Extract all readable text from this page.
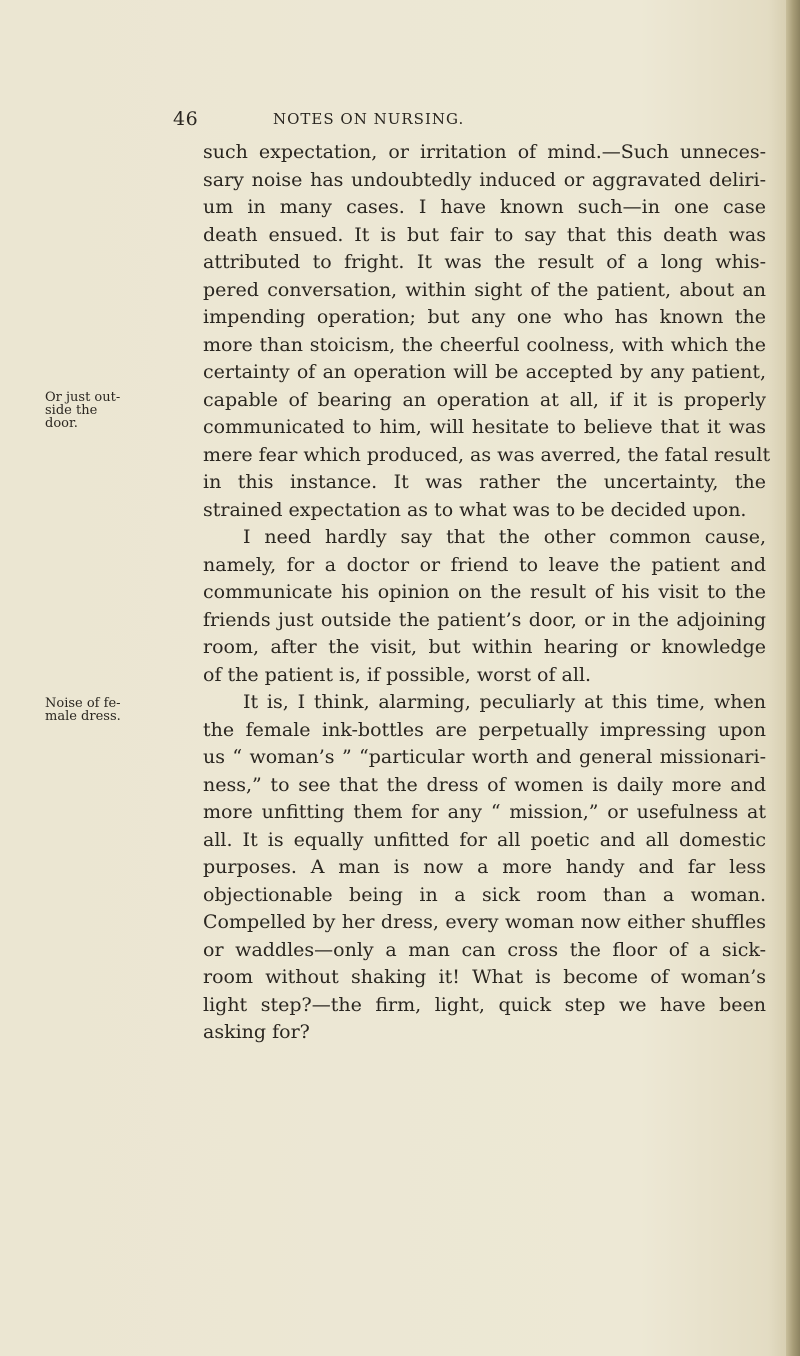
46	NOTES ON NURSING.
Or just out-
side the
door.
Noise of fe-
male dress.
such expectation, or irritation of mind.—Such unneces-
sary noise has undoubtedly induced or aggravated deliri-
um in many cases. I have known such—in one case
death ensued. It is but fair to say that this death was
attributed to fright. It was the result of a long whis-
pered conversation, within sight of the patient, about an
impending operation; but any one who has known the
more than stoicism, the cheerful coolness, with which the
certainty of an operation will be accepted by any patient,
capable of bearing an operation at all, if it is properly
communicated to him, will hesitate to believe that it was
mere fear which produced, as was averred, the fatal result
in this instance. It was rather the uncertainty, the
strained expectation as to what was to be decided upon.
I need hardly say that the other common cause,
namely, for a doctor or friend to leave the patient and
communicate his opinion on the result of his visit to the
friends just outside the patient’s door, or in the adjoining
room, after the visit, but within hearing or knowledge
of the patient is, if possible, worst of all.
It is, I think, alarming, peculiarly at this time, when
the female ink-bottles are perpetually impressing upon
us “ woman’s ” “particular worth and general missionari-
ness,” to see that the dress of women is daily more and
more unfitting them for any “ mission,” or usefulness at
all. It is equally unfitted for all poetic and all domestic
purposes. A man is now a more handy and far less
objectionable being in a sick room than a woman.
Compelled by her dress, every woman now either shuffles
or waddles—only a man can cross the floor of a sick-
room without shaking it! What is become of woman’s
light step?—the firm, light, quick step we have been
asking for?
